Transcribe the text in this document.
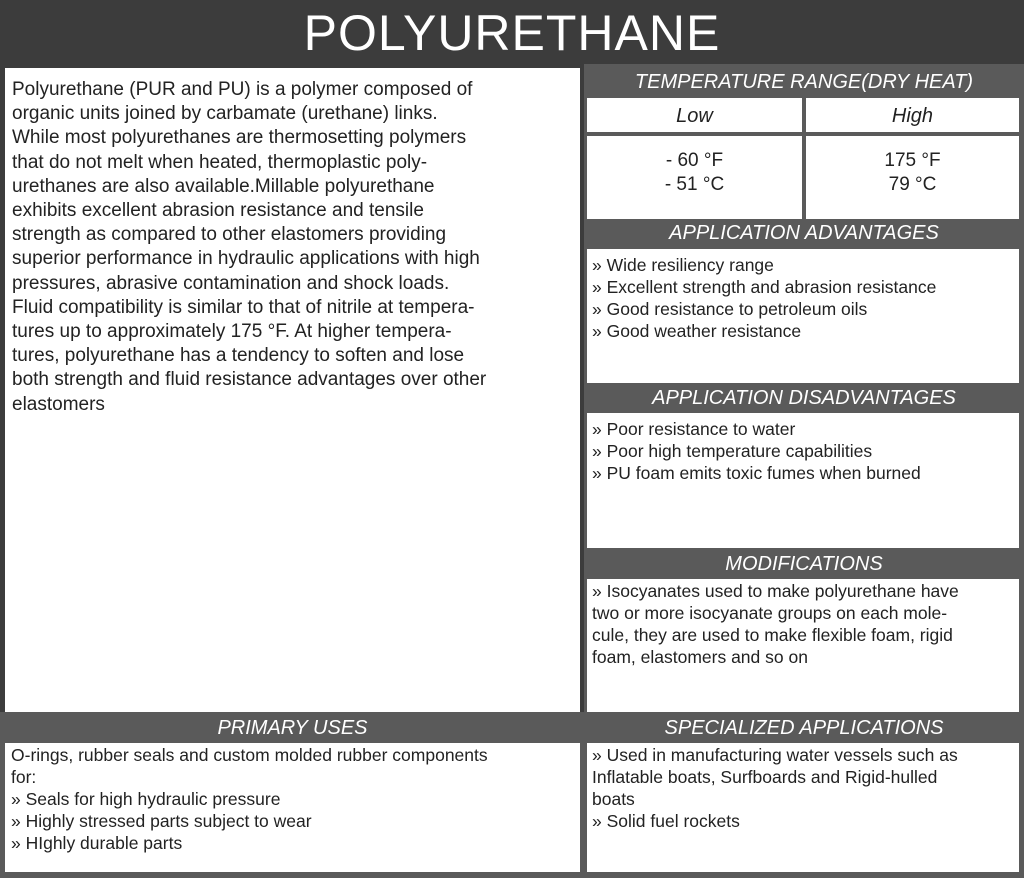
POLYURETHANE
Polyurethane (PUR and PU) is a polymer composed of
organic units joined by carbamate (urethane) links.
While most polyurethanes are thermosetting polymers
that do not melt when heated, thermoplastic poly-
urethanes are also available.Millable polyurethane
exhibits excellent abrasion resistance and tensile
strength as compared to other elastomers providing
superior performance in hydraulic applications with high
pressures, abrasive contamination and shock loads.
Fluid compatibility is similar to that of nitrile at tempera-
tures up to approximately 175 °F. At higher tempera-
tures, polyurethane has a tendency to soften and lose
both strength and fluid resistance advantages over other
elastomers
TEMPERATURE RANGE(DRY HEAT)
Low	High
- 60 °F
- 51 °C
175 °F
79 °C
APPLICATION ADVANTAGES
» Wide resiliency range
» Excellent strength and abrasion resistance
» Good resistance to petroleum oils
» Good weather resistance
APPLICATION DISADVANTAGES
» Poor resistance to water
» Poor high temperature capabilities
» PU foam emits toxic fumes when burned
MODIFICATIONS
» Isocyanates used to make polyurethane have
two or more isocyanate groups on each mole-
cule, they are used to make flexible foam, rigid
foam, elastomers and so on
PRIMARY USES
O-rings, rubber seals and custom molded rubber components
for:
» Seals for high hydraulic pressure
» Highly stressed parts subject to wear
» HIghly durable parts
SPECIALIZED APPLICATIONS
» Used in manufacturing water vessels such as
Inflatable boats, Surfboards and Rigid-hulled
boats
» Solid fuel rockets
